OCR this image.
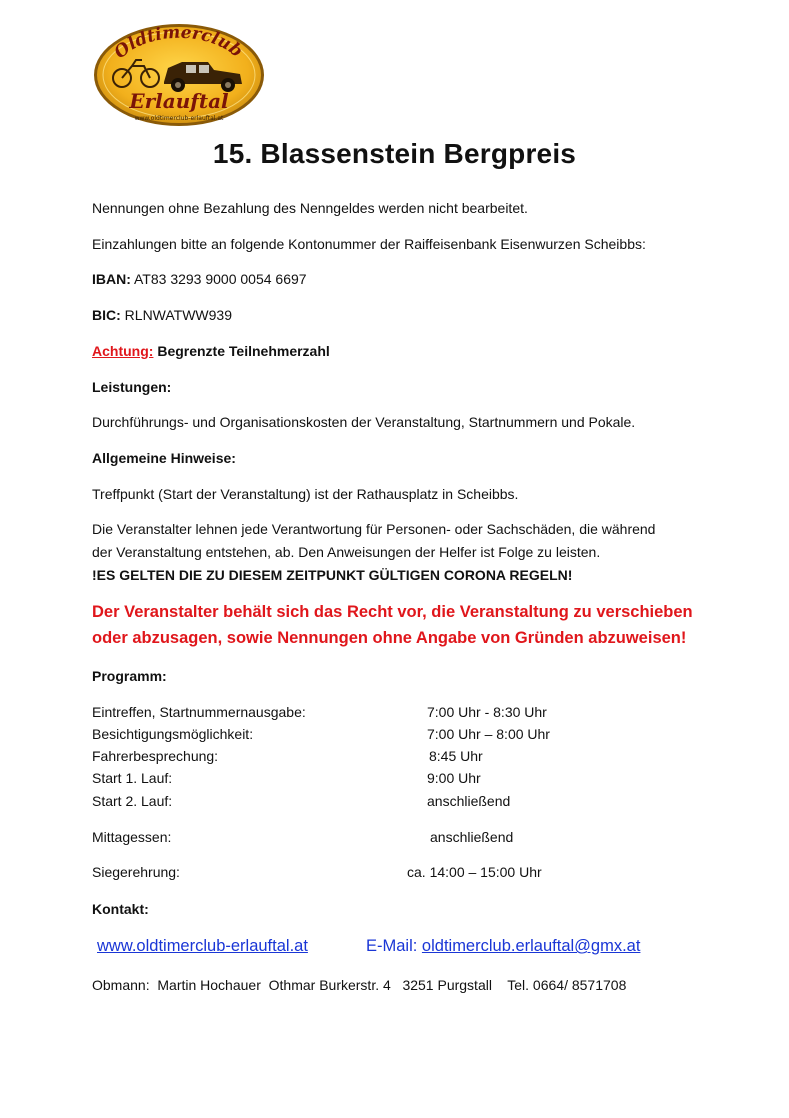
Oldtimerclub
Erlauftal
www.oldtimerclub-erlauftal.at
15. Blassenstein Bergpreis
Nennungen ohne Bezahlung des Nenngeldes werden nicht bearbeitet.
Einzahlungen bitte an folgende Kontonummer der Raiffeisenbank Eisenwurzen Scheibbs:
IBAN: AT83 3293 9000 0054 6697
BIC: RLNWATWW939
Achtung: Begrenzte Teilnehmerzahl
Leistungen:
Durchführungs- und Organisationskosten der Veranstaltung, Startnummern und Pokale.
Allgemeine Hinweise:
Treffpunkt (Start der Veranstaltung) ist der Rathausplatz in Scheibbs.
Die Veranstalter lehnen jede Verantwortung für Personen- oder Sachschäden, die während
der Veranstaltung entstehen, ab. Den Anweisungen der Helfer ist Folge zu leisten.
!ES GELTEN DIE ZU DIESEM ZEITPUNKT GÜLTIGEN CORONA REGELN!
Der Veranstalter behält sich das Recht vor, die Veranstaltung zu verschieben
oder abzusagen, sowie Nennungen ohne Angabe von Gründen abzuweisen!
Programm:
Eintreffen, Startnummernausgabe:	7:00 Uhr - 8:30 Uhr
Besichtigungsmöglichkeit:	7:00 Uhr – 8:00 Uhr
Fahrerbesprechung:	8:45 Uhr
Start 1. Lauf:	9:00 Uhr
Start 2. Lauf:	anschließend
Mittagessen:	anschließend
Siegerehrung:	ca. 14:00 – 15:00 Uhr
Kontakt:
www.oldtimerclub-erlauftal.at	E-Mail: oldtimerclub.erlauftal@gmx.at
Obmann:  Martin Hochauer  Othmar Burkerstr. 4   3251 Purgstall    Tel. 0664/ 8571708
